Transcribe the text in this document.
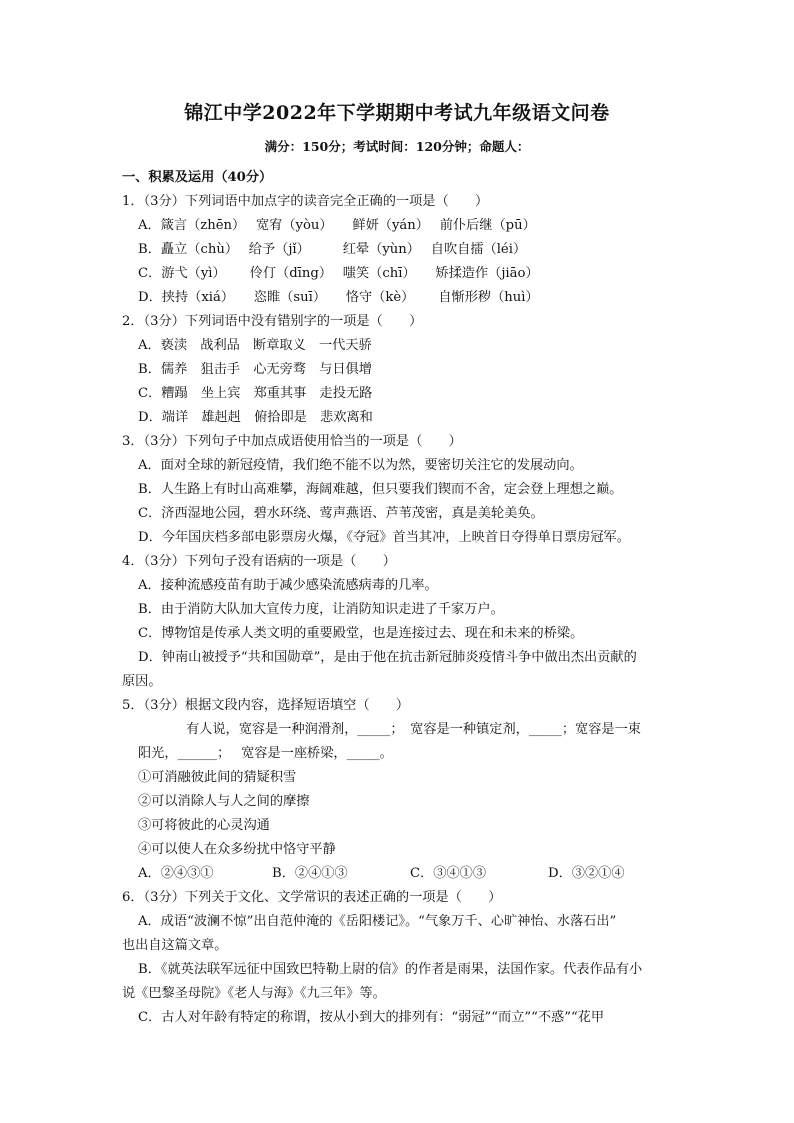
锦江中学2022年下学期期中考试九年级语文问卷
满分：150分；考试时间：120分钟；命题人：
一、积累及运用（40分）
1．（3分）下列词语中加点字的读音完全正确的一项是（　　）
A．箴言（zhēn）　 宽宥（yòu）　　鲜妍（yán）　 前仆后继（pū）
B．矗立（chù）　 给予（jǐ）　　　红晕（yùn）　 自吹自擂（léi）
C．游弋（yì）　　 伶仃（dīng）　 嗤笑（chī）　　矫揉造作（jiāo）
D．挟持（xiá）　　恣睢（suī）　　恪守（kè）　　 自惭形秽（huì）
2．（3分）下列词语中没有错别字的一项是（　　）
A．亵渎　战利品　断章取义　一代天骄
B．儒养　狙击手　心无旁骛　与日俱增
C．糟蹋　坐上宾　郑重其事　走投无路
D．端详　雄赳赳　俯拾即是　悲欢离和
3．（3分）下列句子中加点成语使用恰当的一项是（　　）
A．面对全球的新冠疫情，我们绝不能不以为然，要密切关注它的发展动向。
B．人生路上有时山高难攀，海阔难越，但只要我们锲而不舍，定会登上理想之巅。
C．济西湿地公园，碧水环绕、莺声燕语、芦苇茂密，真是美轮美奂。
D．今年国庆档多部电影票房火爆，《夺冠》首当其冲，上映首日夺得单日票房冠军。
4．（3分）下列句子没有语病的一项是（　　）
A．接种流感疫苗有助于减少感染流感病毒的几率。
B．由于消防大队加大宣传力度，让消防知识走进了千家万户。
C．博物馆是传承人类文明的重要殿堂，也是连接过去、现在和未来的桥梁。
D．钟南山被授予“共和国勋章”，是由于他在抗击新冠肺炎疫情斗争中做出杰出贡献的
原因。
5．（3分）根据文段内容，选择短语填空（　　）
有人说，宽容是一种润滑剂，_____；　宽容是一种镇定剂，_____；宽容是一束
阳光，______；　 宽容是一座桥梁，_____。
①可消融彼此间的猜疑积雪
②可以消除人与人之间的摩擦
③可将彼此的心灵沟通
④可以使人在众多纷扰中恪守平静
A．②④③①	B．②④①③	C．③④①③	D．③②①④
6．（3分）下列关于文化、文学常识的表述正确的一项是（　　）
A．成语“波澜不惊”出自范仲淹的《岳阳楼记》。“气象万千、心旷神怡、水落石出”
也出自这篇文章。
B．《就英法联军远征中国致巴特勒上尉的信》的作者是雨果，法国作家。代表作品有小
说《巴黎圣母院》《老人与海》《九三年》等。
C．古人对年龄有特定的称谓，按从小到大的排列有：“弱冠”“而立”“不惑”“花甲
